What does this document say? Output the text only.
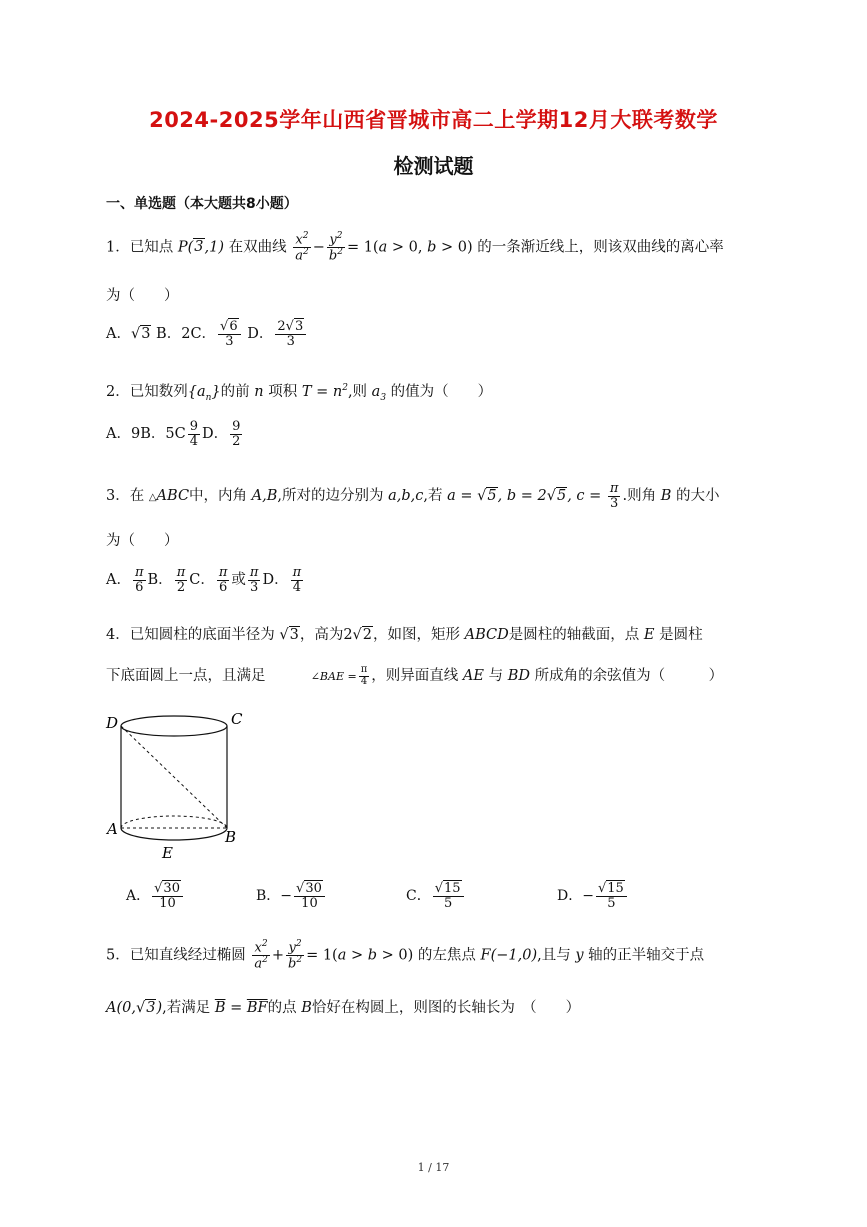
2024-2025学年山西省晋城市高二上学期12月大联考数学
检测试题
一、单选题（本大题共8小题）
1．已知点 P(3,1) 在双曲线 $\frac{x^2}{a^2} - \frac{y^2}{b^2} = 1(a > 0$, b > 0) 的一条渐近线上，则该双曲线的离心率
为（　　）
A．√3 B．2C． $\frac{√6}{3}$ D． $\frac{2√3}{3}$
2．已知数列$\{a_n\}$的前 n 项积 $T = n^2$,则 $a_3$ 的值为（　　）
A．9B．$5C \frac{9}{4}$ D． $\frac{9}{2}$
3．在 △ABC中，内角 A,B,所对的边分别为 a,b,c,若 a = √5, b = 2√5, $c = \frac{\pi}{3}$ .则角 B 的大小
为（　　）
A． $\frac{\pi}{6}$ B． $\frac{\pi}{2}$ C． $\frac{\pi}{6}$ 或 $\frac{\pi}{3}$ D． $\frac{\pi}{4}$
4．已知圆柱的底面半径为 √3，高为2√2，如图，矩形 ABCD是圆柱的轴截面，点 E 是圆柱
下底面圆上一点，且满足	∠BAE = $\frac{\pi}{4}$ ，则异面直线 AE 与 BD 所成角的余弦值为（　　　）
D	C
A	B
E
A． $\frac{√30}{10}$	B．− $\frac{√30}{10}$	C． $\frac{√15}{5}$	D．− $\frac{√15}{5}$
5．已知直线经过椭圆 $\frac{x^2}{a^2} + \frac{y^2}{b^2} = 1(a > b > 0)$ 的左焦点 F(−1,0),且与 y 轴的正半轴交于点
A(0,√3),若满足 $\overline{B} = \overline{BF}$的点 B恰好在构圆上，则图的长轴长为　（　　）
1 / 17
